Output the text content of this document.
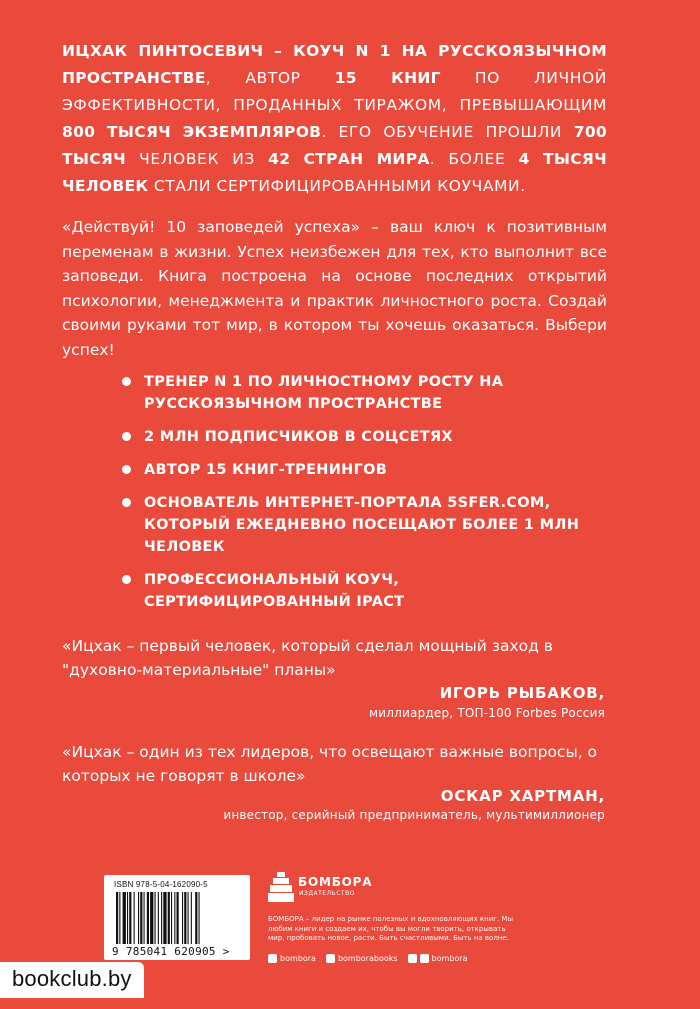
ИЦХАК ПИНТОСЕВИЧ – КОУЧ N 1 НА РУССКОЯЗЫЧНОМ ПРОСТРАНСТВЕ, АВТОР 15 КНИГ ПО ЛИЧНОЙ ЭФФЕКТИВНОСТИ, ПРОДАННЫХ ТИРАЖОМ, ПРЕВЫШАЮЩИМ 800 ТЫСЯЧ ЭКЗЕМПЛЯРОВ. ЕГО ОБУЧЕНИЕ ПРОШЛИ 700 ТЫСЯЧ ЧЕЛОВЕК ИЗ 42 СТРАН МИРА. БОЛЕЕ 4 ТЫСЯЧ ЧЕЛОВЕК СТАЛИ СЕРТИФИЦИРОВАННЫМИ КОУЧАМИ.
«Действуй! 10 заповедей успеха» – ваш ключ к позитивным переменам в жизни. Успех неизбежен для тех, кто выполнит все заповеди. Книга построена на основе последних открытий психологии, менеджмента и практик личностного роста. Создай своими руками тот мир, в котором ты хочешь оказаться. Выбери успех!
ТРЕНЕР N 1 ПО ЛИЧНОСТНОМУ РОСТУ НА РУССКОЯЗЫЧНОМ ПРОСТРАНСТВЕ
2 МЛН ПОДПИСЧИКОВ В СОЦСЕТЯХ
АВТОР 15 КНИГ-ТРЕНИНГОВ
ОСНОВАТЕЛЬ ИНТЕРНЕТ-ПОРТАЛА 5SFER.COM, КОТОРЫЙ ЕЖЕДНЕВНО ПОСЕЩАЮТ БОЛЕЕ 1 МЛН ЧЕЛОВЕК
ПРОФЕССИОНАЛЬНЫЙ КОУЧ, СЕРТИФИЦИРОВАННЫЙ IPACT
«Ицхак – первый человек, который сделал мощный заход в "духовно-материальные" планы»
ИГОРЬ РЫБАКОВ,
миллиардер, ТОП-100 Forbes Россия
«Ицхак – один из тех лидеров, что освещают важные вопросы, о которых не говорят в школе»
ОСКАР ХАРТМАН,
инвестор, серийный предприниматель, мультимиллионер
ISBN 978-5-04-162090-5
9 785041 620905 >
БОМБОРА
ИЗДАТЕЛЬСТВО
БОМБОРА – лидер на рынке полезных и вдохновляющих книг. Мы любим книги и создаем их, чтобы вы могли творить, открывать мир, пробовать новое, расти. Быть счастливыми. Быть на волне.
bombora	bomborabooks	bombora
bookclub.by
